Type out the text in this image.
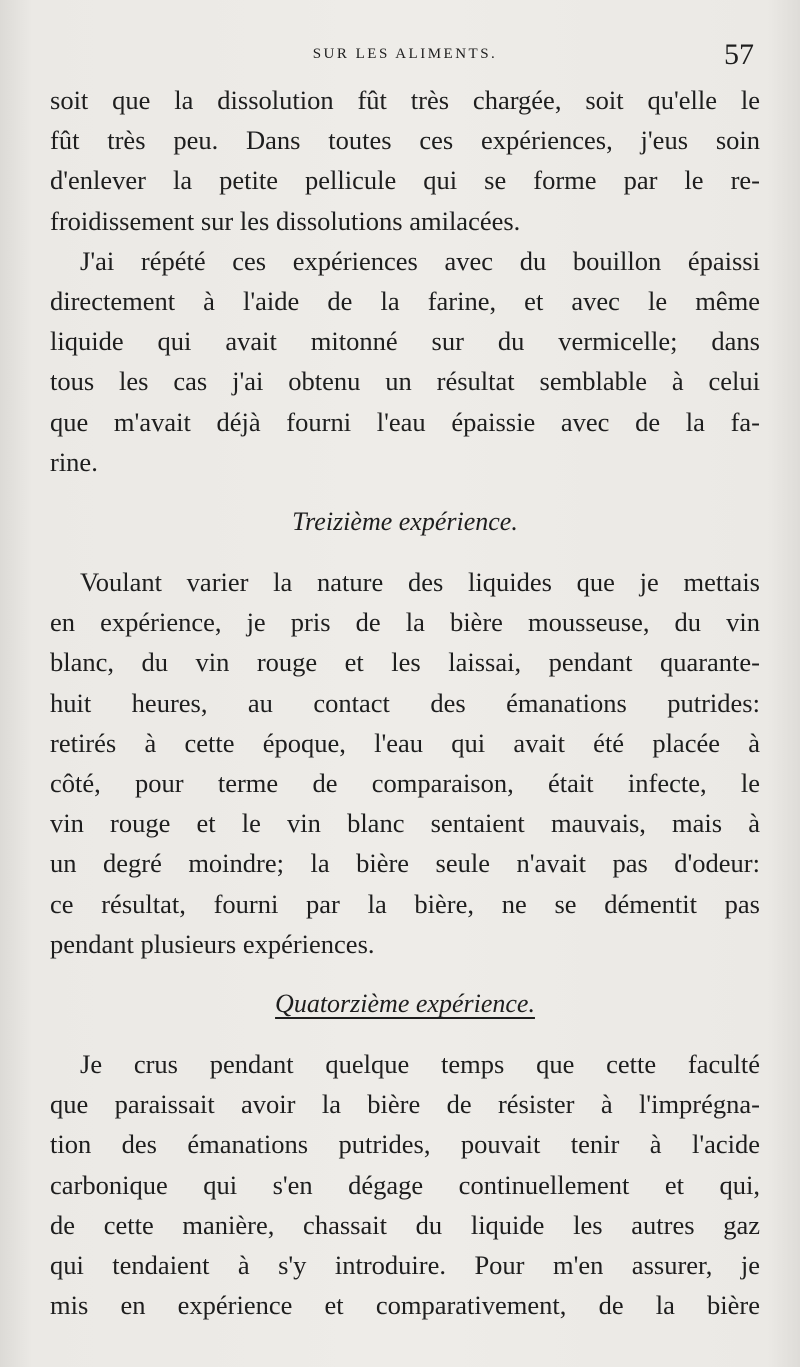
SUR LES ALIMENTS.	57
soit que la dissolution fût très chargée, soit qu'elle le
fût très peu. Dans toutes ces expériences, j'eus soin
d'enlever la petite pellicule qui se forme par le re-
froidissement sur les dissolutions amilacées.
J'ai répété ces expériences avec du bouillon épaissi
directement à l'aide de la farine, et avec le même
liquide qui avait mitonné sur du vermicelle; dans
tous les cas j'ai obtenu un résultat semblable à celui
que m'avait déjà fourni l'eau épaissie avec de la fa-
rine.
Treizième expérience.
Voulant varier la nature des liquides que je mettais
en expérience, je pris de la bière mousseuse, du vin
blanc, du vin rouge et les laissai, pendant quarante-
huit heures, au contact des émanations putrides:
retirés à cette époque, l'eau qui avait été placée à
côté, pour terme de comparaison, était infecte, le
vin rouge et le vin blanc sentaient mauvais, mais à
un degré moindre; la bière seule n'avait pas d'odeur:
ce résultat, fourni par la bière, ne se démentit pas
pendant plusieurs expériences.
Quatorzième expérience.
Je crus pendant quelque temps que cette faculté
que paraissait avoir la bière de résister à l'imprégna-
tion des émanations putrides, pouvait tenir à l'acide
carbonique qui s'en dégage continuellement et qui,
de cette manière, chassait du liquide les autres gaz
qui tendaient à s'y introduire. Pour m'en assurer, je
mis en expérience et comparativement, de la bière
